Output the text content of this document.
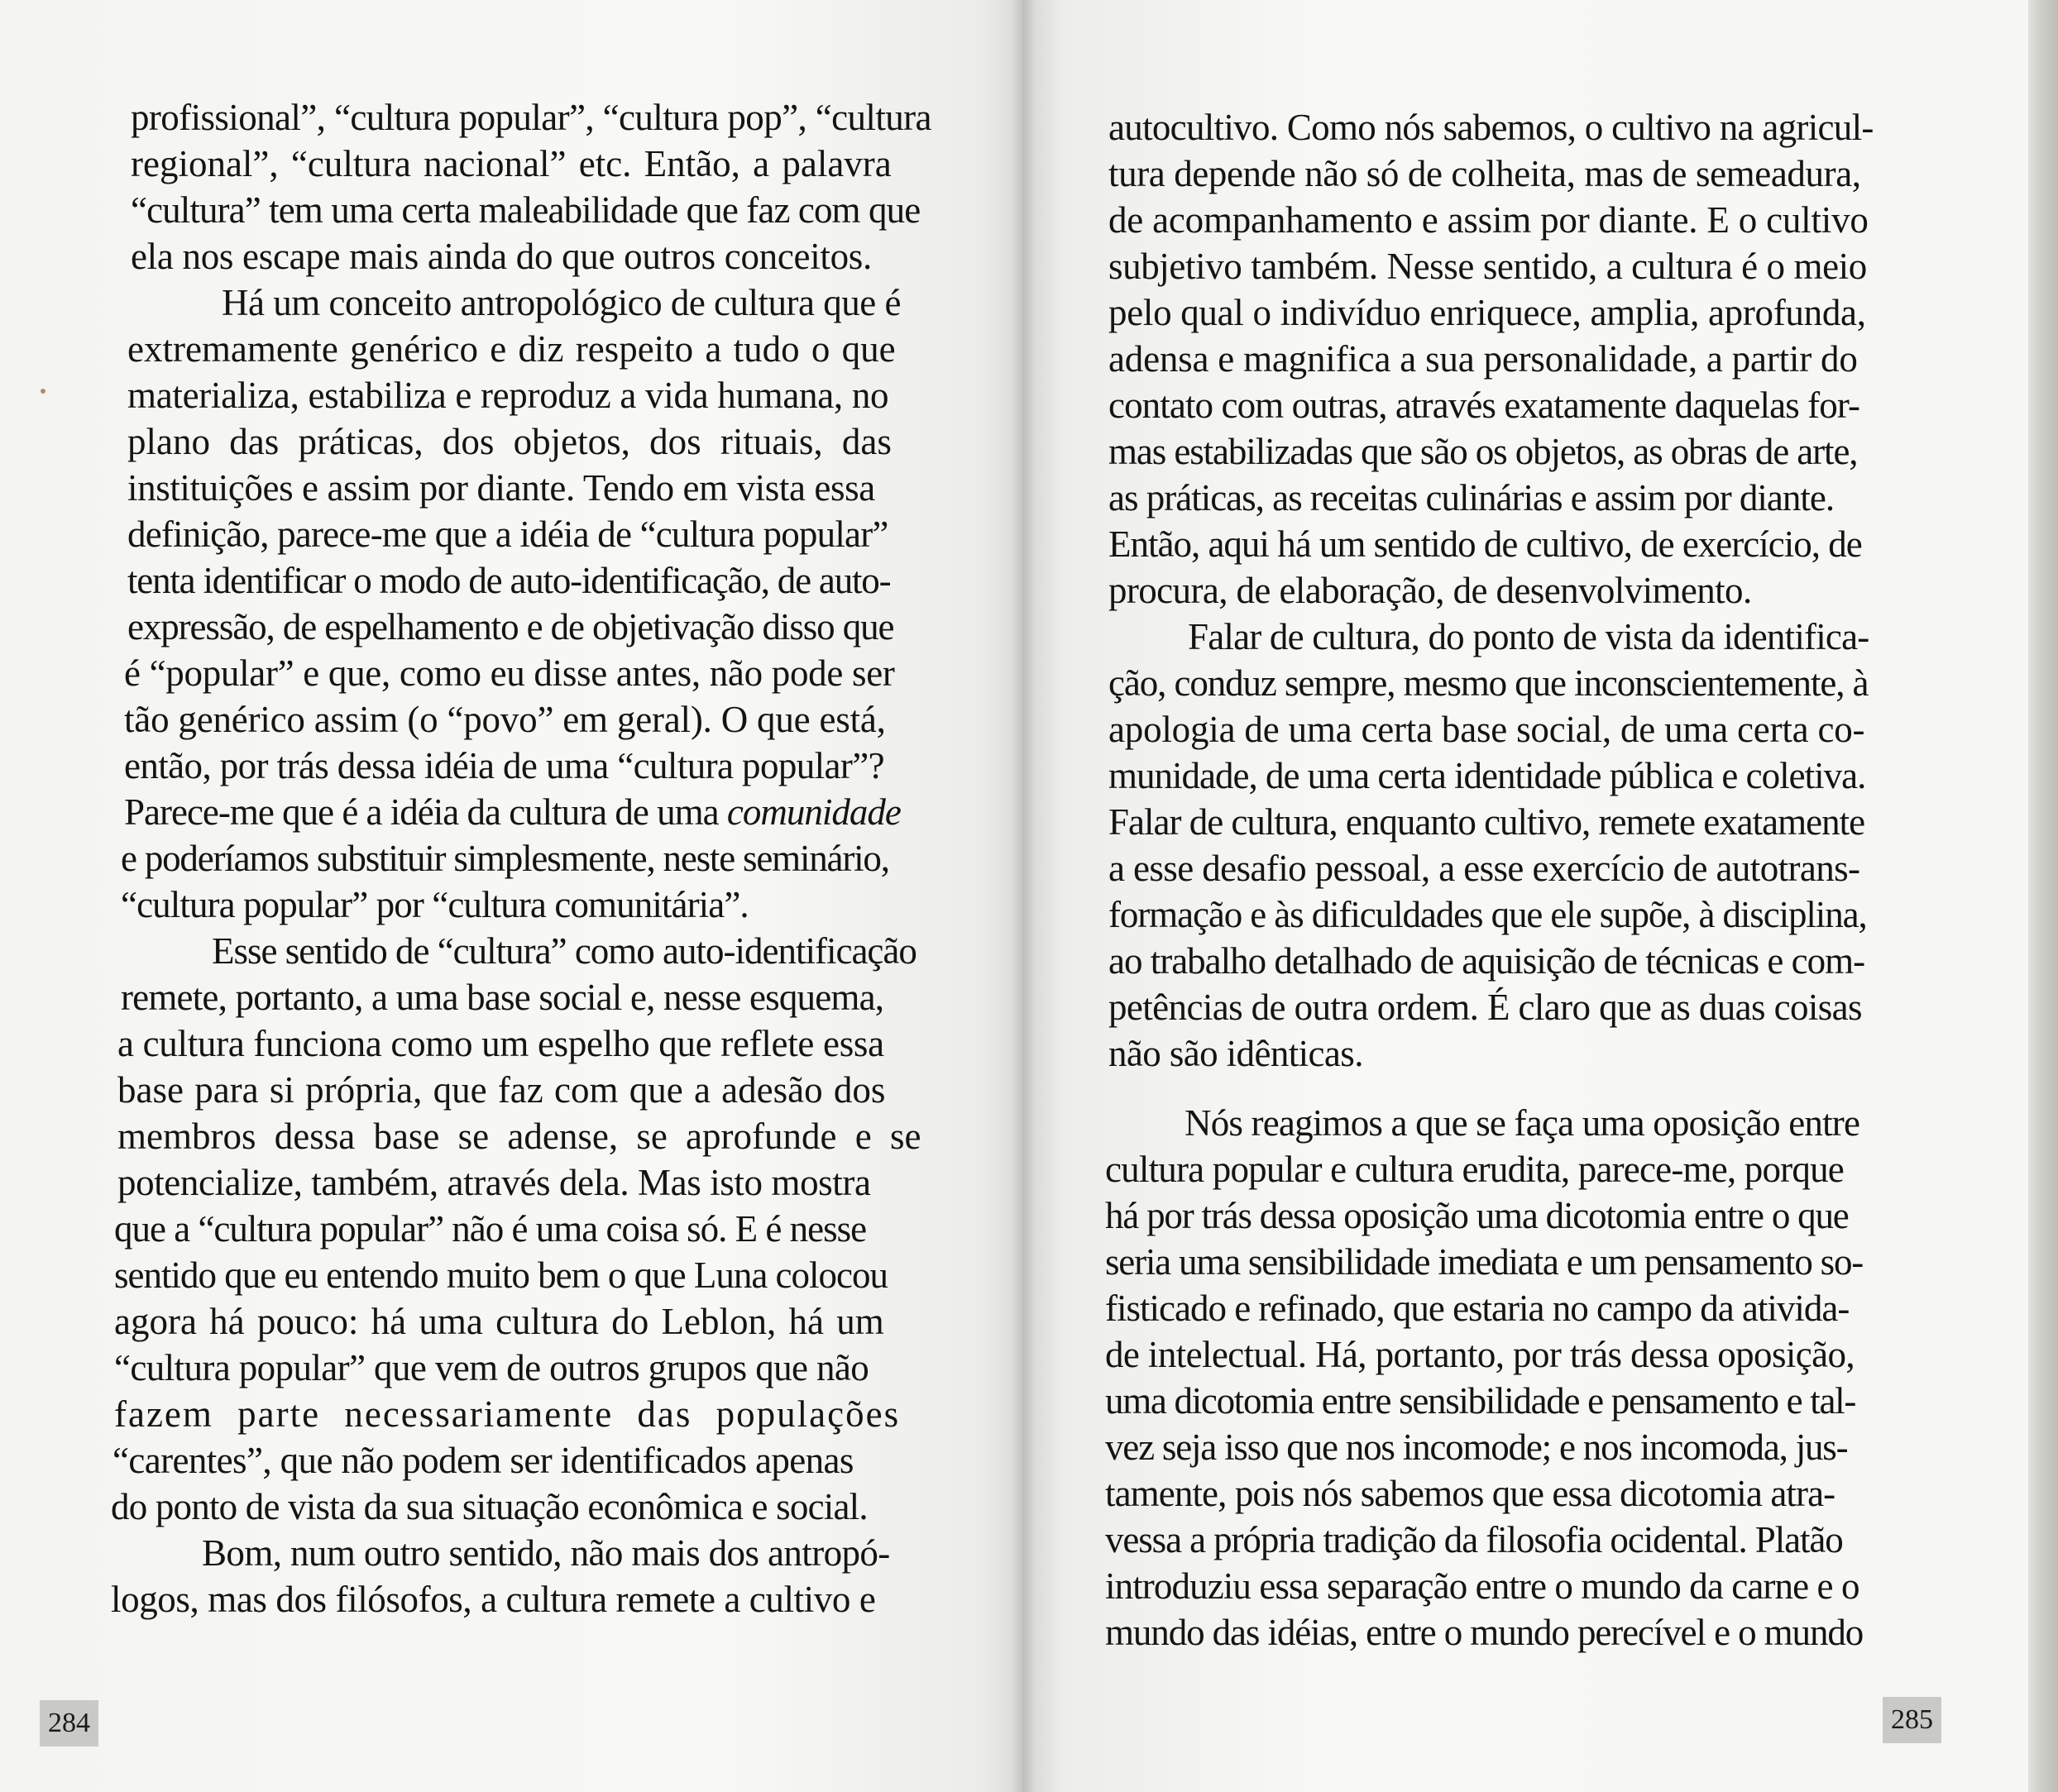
profissional”, “cultura popular”, “cultura pop”, “cultura
regional”, “cultura nacional” etc. Então, a palavra
“cultura” tem uma certa maleabilidade que faz com que
ela nos escape mais ainda do que outros conceitos.
Há um conceito antropológico de cultura que é
extremamente genérico e diz respeito a tudo o que
materializa, estabiliza e reproduz a vida humana, no
plano das práticas, dos objetos, dos rituais, das
instituições e assim por diante. Tendo em vista essa
definição, parece-me que a idéia de “cultura popular”
tenta identificar o modo de auto-identificação, de auto-
expressão, de espelhamento e de objetivação disso que
é “popular” e que, como eu disse antes, não pode ser
tão genérico assim (o “povo” em geral). O que está,
então, por trás dessa idéia de uma “cultura popular”?
Parece-me que é a idéia da cultura de uma comunidade
e poderíamos substituir simplesmente, neste seminário,
“cultura popular” por “cultura comunitária”.
Esse sentido de “cultura” como auto-identificação
remete, portanto, a uma base social e, nesse esquema,
a cultura funciona como um espelho que reflete essa
base para si própria, que faz com que a adesão dos
membros dessa base se adense, se aprofunde e se
potencialize, também, através dela. Mas isto mostra
que a “cultura popular” não é uma coisa só. E é nesse
sentido que eu entendo muito bem o que Luna colocou
agora há pouco: há uma cultura do Leblon, há um
“cultura popular” que vem de outros grupos que não
fazem parte necessariamente das populações
“carentes”, que não podem ser identificados apenas
do ponto de vista da sua situação econômica e social.
Bom, num outro sentido, não mais dos antropó-
logos, mas dos filósofos, a cultura remete a cultivo e
284
autocultivo. Como nós sabemos, o cultivo na agricul-
tura depende não só de colheita, mas de semeadura,
de acompanhamento e assim por diante. E o cultivo
subjetivo também. Nesse sentido, a cultura é o meio
pelo qual o indivíduo enriquece, amplia, aprofunda,
adensa e magnifica a sua personalidade, a partir do
contato com outras, através exatamente daquelas for-
mas estabilizadas que são os objetos, as obras de arte,
as práticas, as receitas culinárias e assim por diante.
Então, aqui há um sentido de cultivo, de exercício, de
procura, de elaboração, de desenvolvimento.
Falar de cultura, do ponto de vista da identifica-
ção, conduz sempre, mesmo que inconscientemente, à
apologia de uma certa base social, de uma certa co-
munidade, de uma certa identidade pública e coletiva.
Falar de cultura, enquanto cultivo, remete exatamente
a esse desafio pessoal, a esse exercício de autotrans-
formação e às dificuldades que ele supõe, à disciplina,
ao trabalho detalhado de aquisição de técnicas e com-
petências de outra ordem. É claro que as duas coisas
não são idênticas.
Nós reagimos a que se faça uma oposição entre
cultura popular e cultura erudita, parece-me, porque
há por trás dessa oposição uma dicotomia entre o que
seria uma sensibilidade imediata e um pensamento so-
fisticado e refinado, que estaria no campo da ativida-
de intelectual. Há, portanto, por trás dessa oposição,
uma dicotomia entre sensibilidade e pensamento e tal-
vez seja isso que nos incomode; e nos incomoda, jus-
tamente, pois nós sabemos que essa dicotomia atra-
vessa a própria tradição da filosofia ocidental. Platão
introduziu essa separação entre o mundo da carne e o
mundo das idéias, entre o mundo perecível e o mundo
285
